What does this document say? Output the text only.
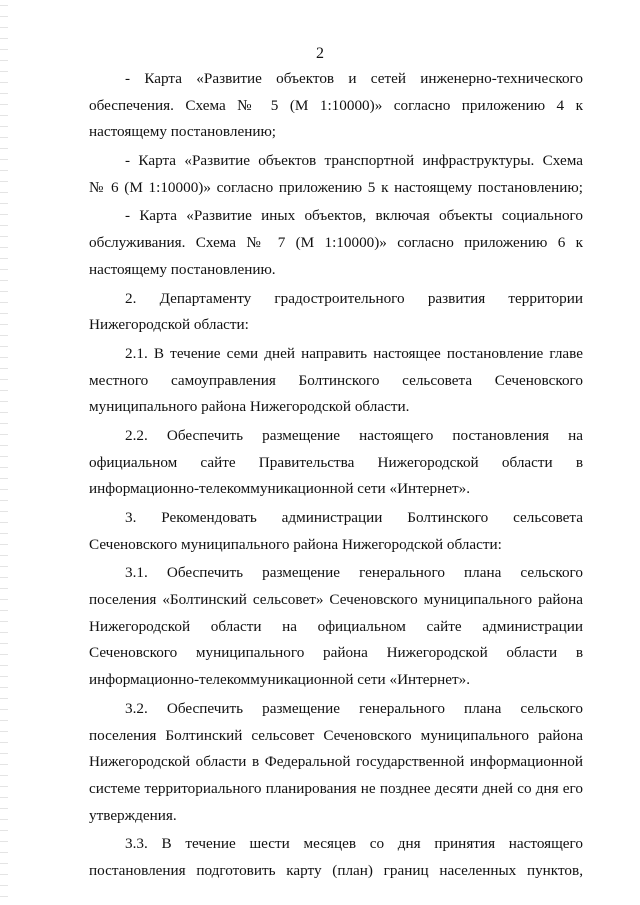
2
- Карта «Развитие объектов и сетей инженерно-технического
обеспечения. Схема № 5 (М 1:10000)» согласно приложению 4 к
настоящему постановлению;
- Карта «Развитие объектов транспортной инфраструктуры. Схема
№ 6 (М 1:10000)» согласно приложению 5 к настоящему постановлению;
- Карта «Развитие иных объектов, включая объекты социального
обслуживания. Схема № 7 (М 1:10000)» согласно приложению 6 к
настоящему постановлению.
2. Департаменту градостроительного развития территории
Нижегородской области:
2.1. В течение семи дней направить настоящее постановление главе
местного самоуправления Болтинского сельсовета Сеченовского
муниципального района Нижегородской области.
2.2. Обеспечить размещение настоящего постановления на
официальном сайте Правительства Нижегородской области в
информационно-телекоммуникационной сети «Интернет».
3. Рекомендовать администрации Болтинского сельсовета
Сеченовского муниципального района Нижегородской области:
3.1. Обеспечить размещение генерального плана сельского
поселения «Болтинский сельсовет» Сеченовского муниципального района
Нижегородской области на официальном сайте администрации
Сеченовского муниципального района Нижегородской области в
информационно-телекоммуникационной сети «Интернет».
3.2. Обеспечить размещение генерального плана сельского
поселения Болтинский сельсовет Сеченовского муниципального района
Нижегородской области в Федеральной государственной информационной
системе территориального планирования не позднее десяти дней со дня его
утверждения.
3.3. В течение шести месяцев со дня принятия настоящего
постановления подготовить карту (план) границ населенных пунктов,
